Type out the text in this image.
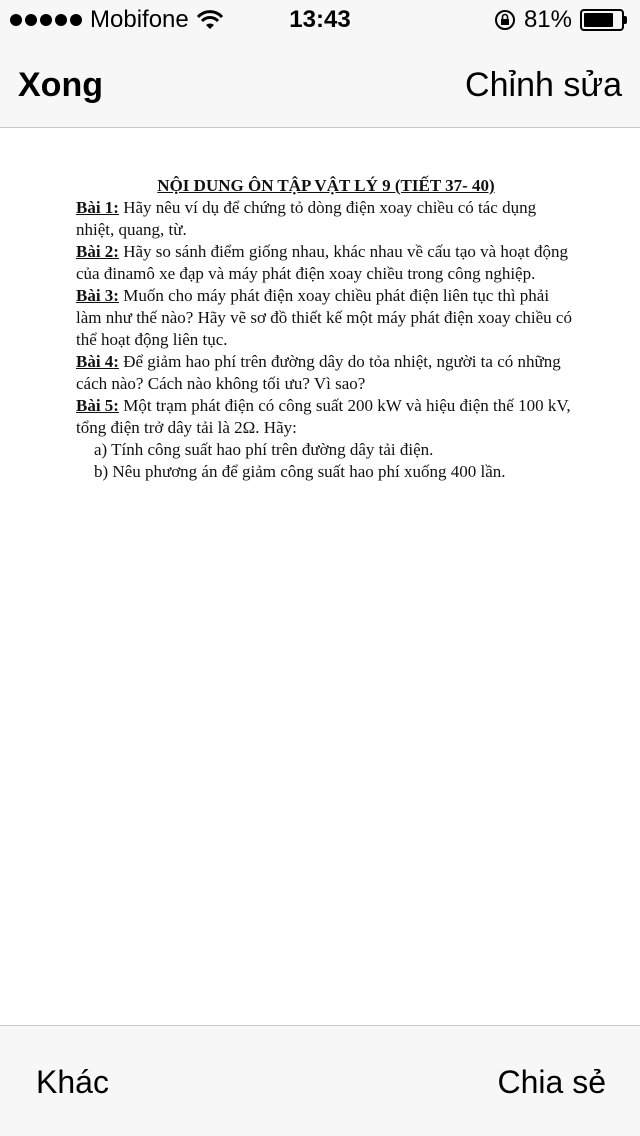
Mobifone	13:43	81%
Xong	Chỉnh sửa

NỘI DUNG ÔN TẬP VẬT LÝ 9 (TIẾT 37- 40)

Bài 1: Hãy nêu ví dụ để chứng tỏ dòng điện xoay chiều có tác dụng nhiệt, quang, từ.

Bài 2: Hãy so sánh điểm giống nhau, khác nhau về cấu tạo và hoạt động của đinamô xe đạp và máy phát điện xoay chiều trong công nghiệp.

Bài 3: Muốn cho máy phát điện xoay chiều phát điện liên tục thì phải làm như thế nào? Hãy vẽ sơ đồ thiết kế một máy phát điện xoay chiều có thể hoạt động liên tục.

Bài 4: Để giảm hao phí trên đường dây do tỏa nhiệt, người ta có những cách nào? Cách nào không tối ưu? Vì sao?

Bài 5: Một trạm phát điện có công suất 200 kW và hiệu điện thế 100 kV, tổng điện trở dây tải là 2Ω. Hãy:

a) Tính công suất hao phí trên đường dây tải điện.

b) Nêu phương án để giảm công suất hao phí xuống 400 lần.

Khác	Chia sẻ
